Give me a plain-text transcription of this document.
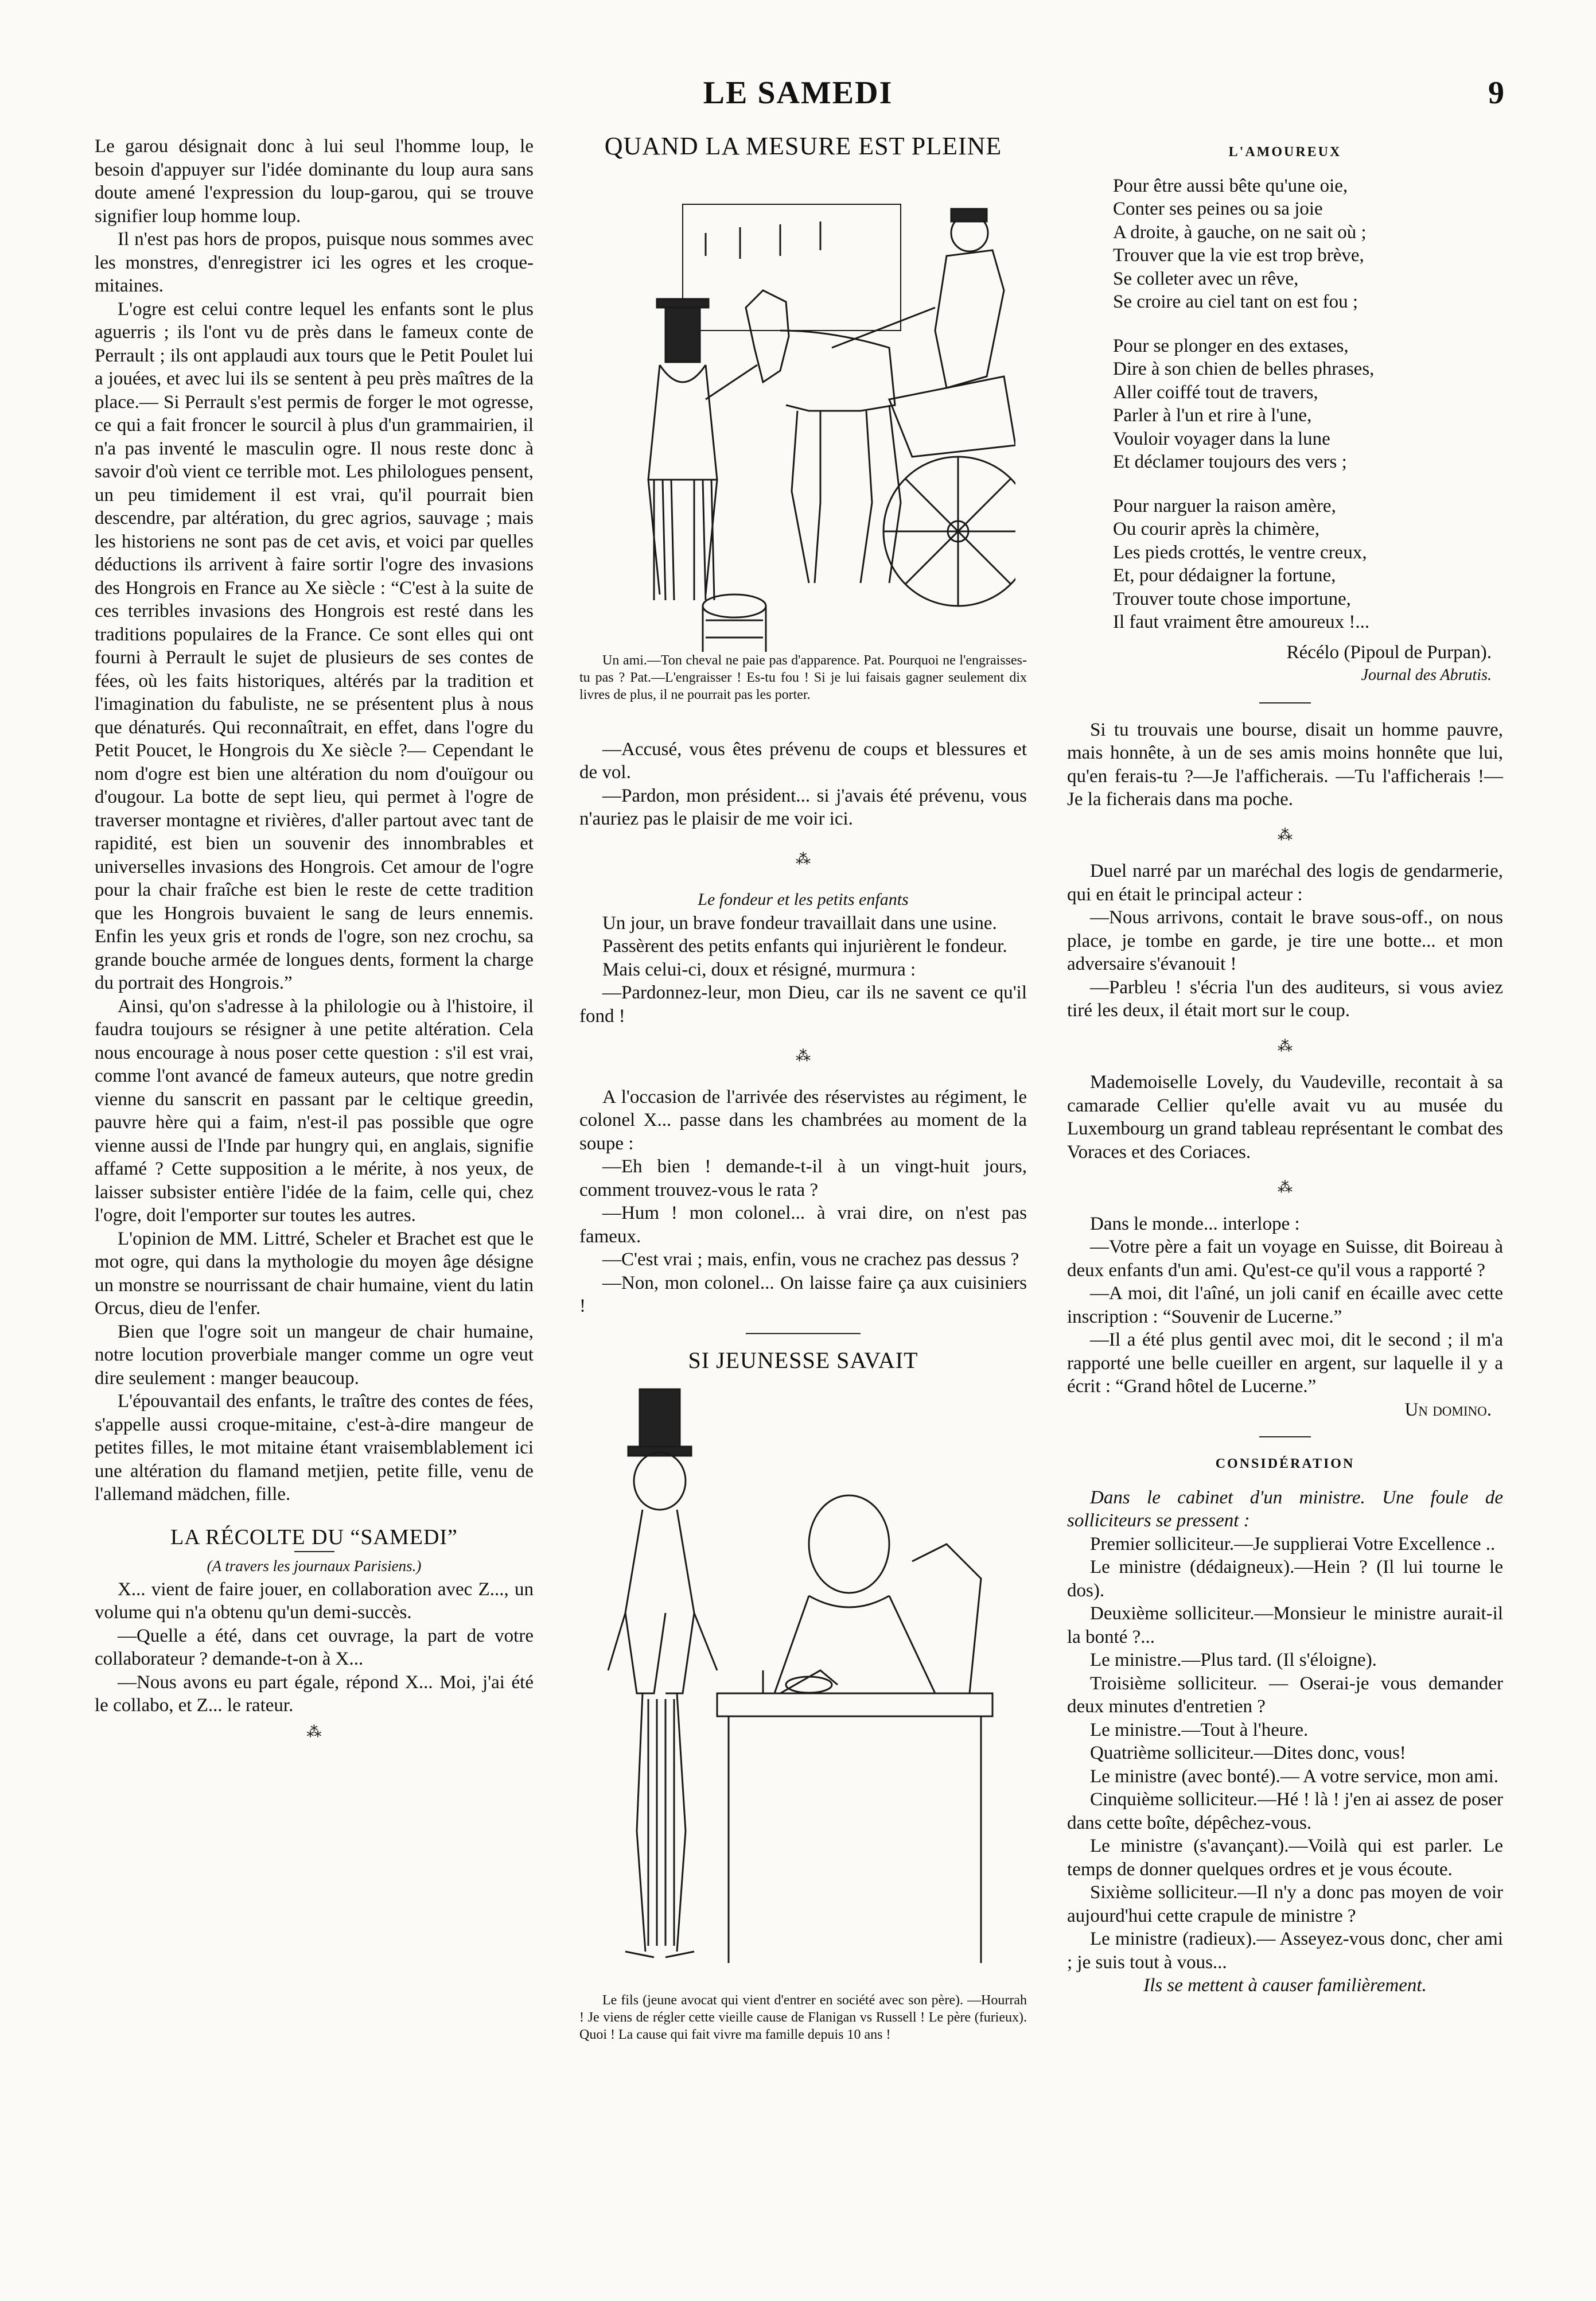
LE SAMEDI	9

Le garou désignait donc à lui seul l'homme loup, le besoin d'appuyer sur l'idée dominante du loup aura sans doute amené l'expression du loup-garou, qui se trouve signifier loup homme loup.

Il n'est pas hors de propos, puisque nous sommes avec les monstres, d'enregistrer ici les ogres et les croque-mitaines.

L'ogre est celui contre lequel les enfants sont le plus aguerris ; ils l'ont vu de près dans le fameux conte de Perrault ; ils ont applaudi aux tours que le Petit Poulet lui a jouées, et avec lui ils se sentent à peu près maîtres de la place.— Si Perrault s'est permis de forger le mot ogresse, ce qui a fait froncer le sourcil à plus d'un grammairien, il n'a pas inventé le masculin ogre. Il nous reste donc à savoir d'où vient ce terrible mot. Les philologues pensent, un peu timidement il est vrai, qu'il pourrait bien descendre, par altération, du grec agrios, sauvage ; mais les historiens ne sont pas de cet avis, et voici par quelles déductions ils arrivent à faire sortir l'ogre des invasions des Hongrois en France au Xe siècle : “C'est à la suite de ces terribles invasions des Hongrois est resté dans les traditions populaires de la France. Ce sont elles qui ont fourni à Perrault le sujet de plusieurs de ses contes de fées, où les faits historiques, altérés par la tradition et l'imagination du fabuliste, ne se présentent plus à nous que dénaturés. Qui reconnaîtrait, en effet, dans l'ogre du Petit Poucet, le Hongrois du Xe siècle ?— Cependant le nom d'ogre est bien une altération du nom d'ouïgour ou d'ougour. La botte de sept lieu, qui permet à l'ogre de traverser montagne et rivières, d'aller partout avec tant de rapidité, est bien un souvenir des innombrables et universelles invasions des Hongrois. Cet amour de l'ogre pour la chair fraîche est bien le reste de cette tradition que les Hongrois buvaient le sang de leurs ennemis. Enfin les yeux gris et ronds de l'ogre, son nez crochu, sa grande bouche armée de longues dents, forment la charge du portrait des Hongrois.”

Ainsi, qu'on s'adresse à la philologie ou à l'histoire, il faudra toujours se résigner à une petite altération. Cela nous encourage à nous poser cette question : s'il est vrai, comme l'ont avancé de fameux auteurs, que notre gredin vienne du sanscrit en passant par le celtique greedin, pauvre hère qui a faim, n'est-il pas possible que ogre vienne aussi de l'Inde par hungry qui, en anglais, signifie affamé ? Cette supposition a le mérite, à nos yeux, de laisser subsister entière l'idée de la faim, celle qui, chez l'ogre, doit l'emporter sur toutes les autres.

L'opinion de MM. Littré, Scheler et Brachet est que le mot ogre, qui dans la mythologie du moyen âge désigne un monstre se nourrissant de chair humaine, vient du latin Orcus, dieu de l'enfer.

Bien que l'ogre soit un mangeur de chair humaine, notre locution proverbiale manger comme un ogre veut dire seulement : manger beaucoup.

L'épouvantail des enfants, le traître des contes de fées, s'appelle aussi croque-mitaine, c'est-à-dire mangeur de petites filles, le mot mitaine étant vraisemblablement ici une altération du flamand metjien, petite fille, venu de l'allemand mädchen, fille.

LA RÉCOLTE DU “SAMEDI”

(A travers les journaux Parisiens.)

X... vient de faire jouer, en collaboration avec Z..., un volume qui n'a obtenu qu'un demi-succès.

—Quelle a été, dans cet ouvrage, la part de votre collaborateur ? demande-t-on à X...

—Nous avons eu part égale, répond X... Moi, j'ai été le collabo, et Z... le rateur.

⁂

QUAND LA MESURE EST PLEINE

Un ami.—Ton cheval ne paie pas d'apparence. Pat. Pourquoi ne l'engraisses-tu pas ? Pat.—L'engraisser ! Es-tu fou ! Si je lui faisais gagner seulement dix livres de plus, il ne pourrait pas les porter.

—Accusé, vous êtes prévenu de coups et blessures et de vol.

—Pardon, mon président... si j'avais été prévenu, vous n'auriez pas le plaisir de me voir ici.

⁂

Le fondeur et les petits enfants

Un jour, un brave fondeur travaillait dans une usine.

Passèrent des petits enfants qui injurièrent le fondeur.

Mais celui-ci, doux et résigné, murmura :

—Pardonnez-leur, mon Dieu, car ils ne savent ce qu'il fond !

⁂

A l'occasion de l'arrivée des réservistes au régiment, le colonel X... passe dans les chambrées au moment de la soupe :

—Eh bien ! demande-t-il à un vingt-huit jours, comment trouvez-vous le rata ?

—Hum ! mon colonel... à vrai dire, on n'est pas fameux.

—C'est vrai ; mais, enfin, vous ne crachez pas dessus ?

—Non, mon colonel... On laisse faire ça aux cuisiniers !

SI JEUNESSE SAVAIT

Le fils (jeune avocat qui vient d'entrer en société avec son père). —Hourrah ! Je viens de régler cette vieille cause de Flanigan vs Russell ! Le père (furieux). Quoi ! La cause qui fait vivre ma famille depuis 10 ans !

L'AMOUREUX
Pour être aussi bête qu'une oie,
Conter ses peines ou sa joie
A droite, à gauche, on ne sait où ;
Trouver que la vie est trop brève,
Se colleter avec un rêve,
Se croire au ciel tant on est fou ;
Pour se plonger en des extases,
Dire à son chien de belles phrases,
Aller coiffé tout de travers,
Parler à l'un et rire à l'une,
Vouloir voyager dans la lune
Et déclamer toujours des vers ;
Pour narguer la raison amère,
Ou courir après la chimère,
Les pieds crottés, le ventre creux,
Et, pour dédaigner la fortune,
Trouver toute chose importune,
Il faut vraiment être amoureux !...
Récélo (Pipoul de Purpan).
Journal des Abrutis.

Si tu trouvais une bourse, disait un homme pauvre, mais honnête, à un de ses amis moins honnête que lui, qu'en ferais-tu ?—Je l'afficherais. —Tu l'afficherais !—Je la ficherais dans ma poche.

⁂

Duel narré par un maréchal des logis de gendarmerie, qui en était le principal acteur :

—Nous arrivons, contait le brave sous-off., on nous place, je tombe en garde, je tire une botte... et mon adversaire s'évanouit !

—Parbleu ! s'écria l'un des auditeurs, si vous aviez tiré les deux, il était mort sur le coup.

⁂

Mademoiselle Lovely, du Vaudeville, recontait à sa camarade Cellier qu'elle avait vu au musée du Luxembourg un grand tableau représentant le combat des Voraces et des Coriaces.

⁂

Dans le monde... interlope :

—Votre père a fait un voyage en Suisse, dit Boireau à deux enfants d'un ami. Qu'est-ce qu'il vous a rapporté ?

—A moi, dit l'aîné, un joli canif en écaille avec cette inscription : “Souvenir de Lucerne.”

—Il a été plus gentil avec moi, dit le second ; il m'a rapporté une belle cueiller en argent, sur laquelle il y a écrit : “Grand hôtel de Lucerne.”

Un domino.
CONSIDÉRATION

Dans le cabinet d'un ministre. Une foule de solliciteurs se pressent :

Premier solliciteur.—Je supplierai Votre Excellence ..

Le ministre (dédaigneux).—Hein ? (Il lui tourne le dos).

Deuxième solliciteur.—Monsieur le ministre aurait-il la bonté ?...

Le ministre.—Plus tard. (Il s'éloigne).

Troisième solliciteur. — Oserai-je vous demander deux minutes d'entretien ?

Le ministre.—Tout à l'heure.

Quatrième solliciteur.—Dites donc, vous!

Le ministre (avec bonté).— A votre service, mon ami.

Cinquième solliciteur.—Hé ! là ! j'en ai assez de poser dans cette boîte, dépêchez-vous.

Le ministre (s'avançant).—Voilà qui est parler. Le temps de donner quelques ordres et je vous écoute.

Sixième solliciteur.—Il n'y a donc pas moyen de voir aujourd'hui cette crapule de ministre ?

Le ministre (radieux).— Asseyez-vous donc, cher ami ; je suis tout à vous...

Ils se mettent à causer familièrement.
